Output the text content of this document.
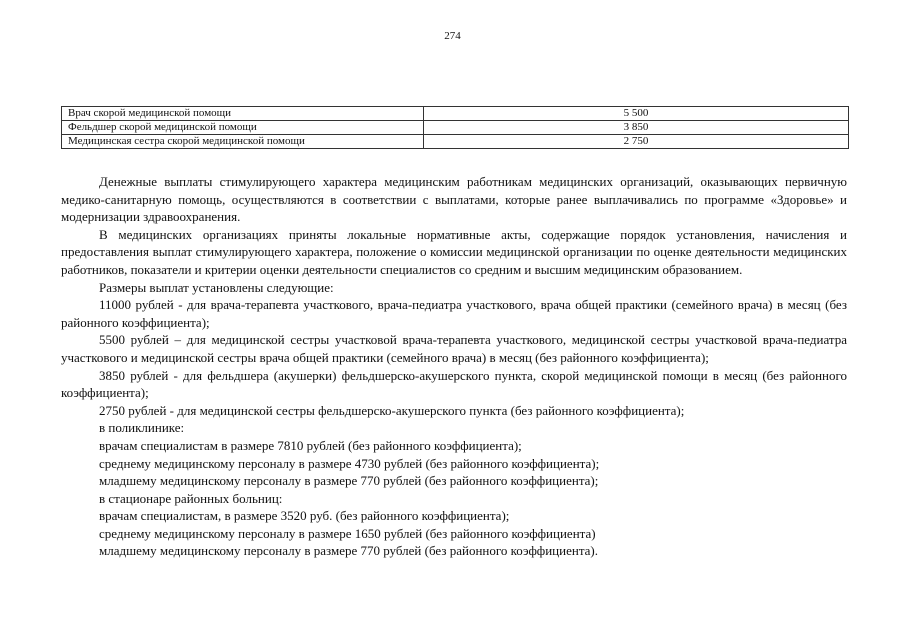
274
Врач скорой медицинской помощи	5 500
Фельдшер скорой медицинской помощи	3 850
Медицинская сестра скорой медицинской помощи	2 750

Денежные выплаты стимулирующего характера медицинским работникам медицинских организаций, оказывающих первичную медико-санитарную помощь, осуществляются в соответствии с выплатами, которые ранее выплачивались по программе «Здоровье» и модернизации здравоохранения.

В медицинских организациях приняты локальные нормативные акты, содержащие порядок установления, начисления и предоставления выплат стимулирующего характера, положение о комиссии медицинской организации по оценке деятельности медицинских работников, показатели и критерии оценки деятельности специалистов со средним и высшим медицинским образованием.

Размеры выплат установлены следующие:

11000 рублей - для врача-терапевта участкового, врача-педиатра участкового, врача общей практики (семейного врача) в месяц (без районного коэффициента);

5500 рублей – для медицинской сестры участковой врача-терапевта участкового, медицинской сестры участковой врача-педиатра участкового и медицинской сестры врача общей практики (семейного врача) в месяц (без районного коэффициента);

3850 рублей - для фельдшера (акушерки) фельдшерско-акушерского пункта, скорой медицинской помощи в месяц (без районного коэффициента);

2750 рублей - для медицинской сестры фельдшерско-акушерского пункта (без районного коэффициента);

в поликлинике:

врачам специалистам в размере 7810 рублей (без районного коэффициента);

среднему медицинскому персоналу в размере 4730 рублей (без районного коэффициента);

младшему медицинскому персоналу в размере 770 рублей (без районного коэффициента);

в стационаре районных больниц:

врачам специалистам, в размере 3520 руб. (без районного коэффициента);

среднему медицинскому персоналу в размере 1650 рублей (без районного коэффициента)

младшему медицинскому персоналу в размере 770 рублей (без районного коэффициента).
